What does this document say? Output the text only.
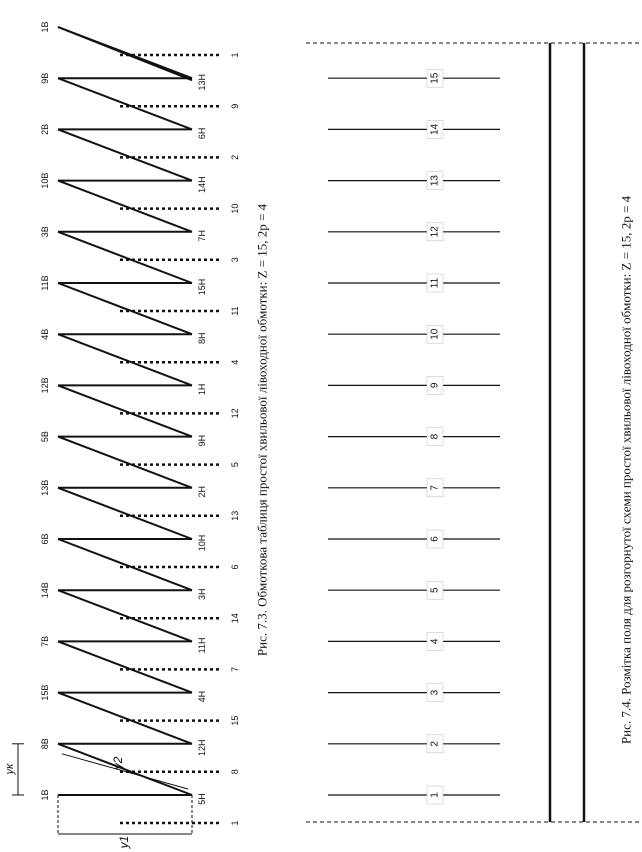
1
8
15
7
14
6
13
5
12
4
11
3
10
2
9
1
1В	5Н
8В	12Н
15В	4Н
7В	11Н
14В	3Н
6В	10Н
13В	2Н
5В	9Н
12В	1Н
4В	8Н
11В	15Н
3В	7Н
10В	14Н
2В	6Н
9В	13Н
1В
yк
y1
y2
Рис. 7.3. Обмоткова таблиця простої хвильової лівоходної обмотки: Z = 15, 2p = 4
1
2
3
4
5
6
7
8
9
10
11
12
13
14
15
Рис. 7.4. Розмітка поля для розгорнутої схеми простої хвильової лівоходної обмотки: Z = 15, 2p = 4
